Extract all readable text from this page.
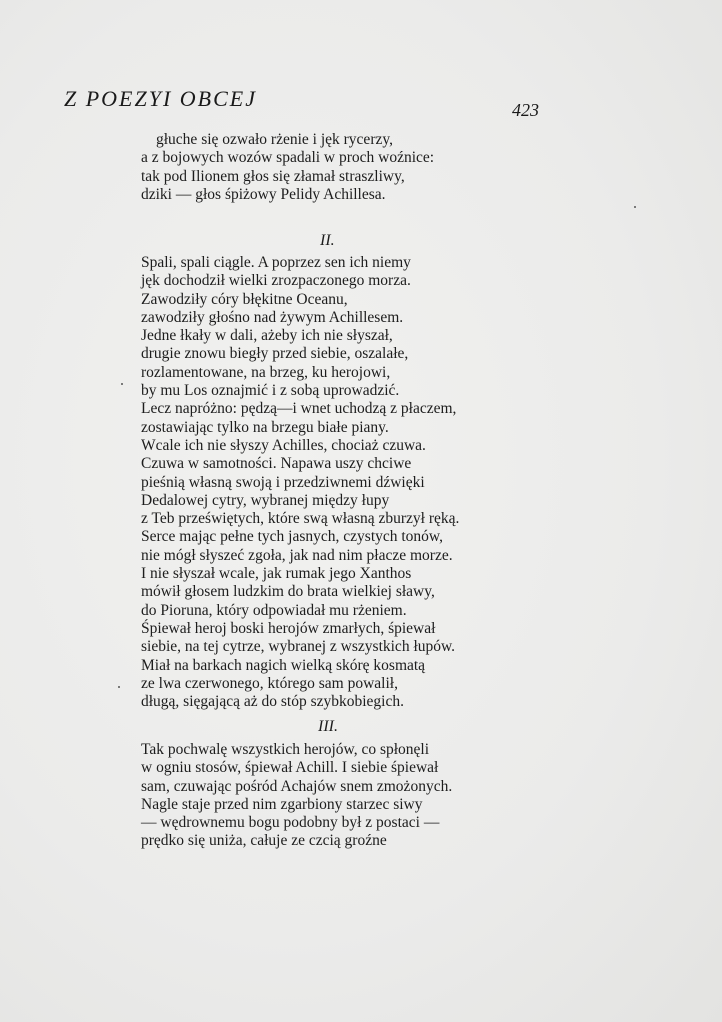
Z POEZYI OBCEJ	423
głuche się ozwało rżenie i jęk rycerzy,
a z bojowych wozów spadali w proch woźnice:
tak pod Ilionem głos się złamał straszliwy,
dziki — głos śpiżowy Pelidy Achillesa.
II.
Spali, spali ciągle. A poprzez sen ich niemy
jęk dochodził wielki zrozpaczonego morza.
Zawodziły córy błękitne Oceanu,
zawodziły głośno nad żywym Achillesem.
Jedne łkały w dali, ażeby ich nie słyszał,
drugie znowu biegły przed siebie, oszalałe,
rozlamentowane, na brzeg, ku herojowi,
by mu Los oznajmić i z sobą uprowadzić.
Lecz napróżno: pędzą—i wnet uchodzą z płaczem,
zostawiając tylko na brzegu białe piany.
Wcale ich nie słyszy Achilles, chociaż czuwa.
Czuwa w samotności. Napawa uszy chciwe
pieśnią własną swoją i przedziwnemi dźwięki
Dedalowej cytry, wybranej między łupy
z Teb przeświętych, które swą własną zburzył ręką.
Serce mając pełne tych jasnych, czystych tonów,
nie mógł słyszeć zgoła, jak nad nim płacze morze.
I nie słyszał wcale, jak rumak jego Xanthos
mówił głosem ludzkim do brata wielkiej sławy,
do Pioruna, który odpowiadał mu rżeniem.
Śpiewał heroj boski herojów zmarłych, śpiewał
siebie, na tej cytrze, wybranej z wszystkich łupów.
Miał na barkach nagich wielką skórę kosmatą
ze lwa czerwonego, którego sam powalił,
długą, sięgającą aż do stóp szybkobiegich.
III.
Tak pochwalę wszystkich herojów, co spłonęli
w ogniu stosów, śpiewał Achill. I siebie śpiewał
sam, czuwając pośród Achajów snem zmożonych.
Nagle staje przed nim zgarbiony starzec siwy
— wędrownemu bogu podobny był z postaci —
prędko się uniża, całuje ze czcią groźne
